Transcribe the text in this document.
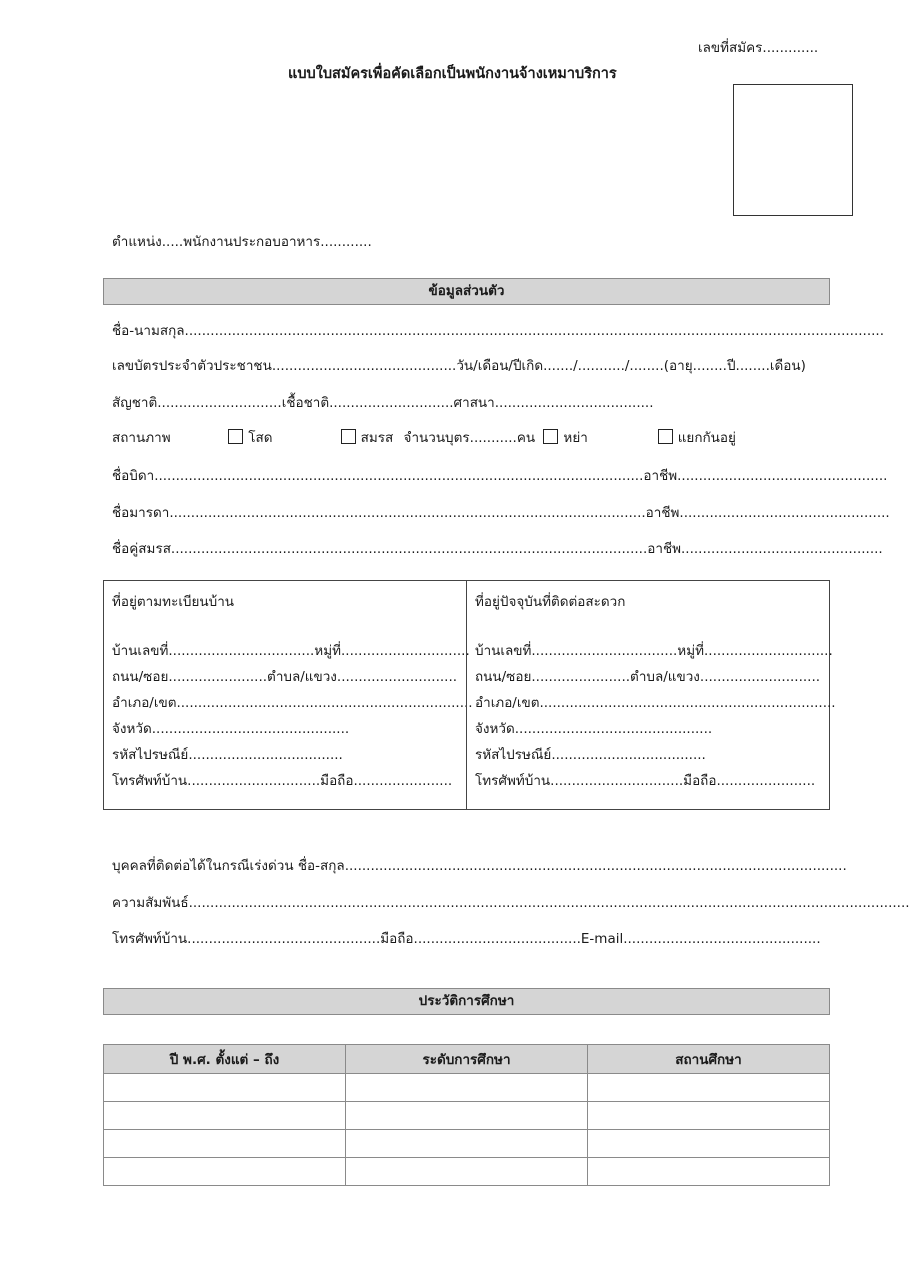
เลขที่สมัคร.............
แบบใบสมัครเพื่อคัดเลือกเป็นพนักงานจ้างเหมาบริการ
ตำแหน่ง.....พนักงานประกอบอาหาร............
ข้อมูลส่วนตัว
ชื่อ-นามสกุล...................................................................................................................................................................
เลขบัตรประจำตัวประชาชน...........................................วัน/เดือน/ปีเกิด......./.........../........(อายุ........ปี........เดือน)
สัญชาติ.............................เชื้อชาติ.............................ศาสนา.....................................
สถานภาพ	โสด	สมรส จำนวนบุตร...........คน หย่า	แยกกันอยู่
ชื่อบิดา..................................................................................................................อาชีพ.................................................
ชื่อมารดา...............................................................................................................อาชีพ.................................................
ชื่อคู่สมรส...............................................................................................................อาชีพ...............................................
ที่อยู่ตามทะเบียนบ้าน
บ้านเลขที่..................................หมู่ที่..............................
ถนน/ซอย.......................ตำบล/แขวง............................
อำเภอ/เขต.....................................................................
จังหวัด..............................................
รหัสไปรษณีย์....................................
โทรศัพท์บ้าน...............................มือถือ.......................
ที่อยู่ปัจจุบันที่ติดต่อสะดวก
บ้านเลขที่..................................หมู่ที่..............................
ถนน/ซอย.......................ตำบล/แขวง............................
อำเภอ/เขต.....................................................................
จังหวัด..............................................
รหัสไปรษณีย์....................................
โทรศัพท์บ้าน...............................มือถือ.......................
บุคคลที่ติดต่อได้ในกรณีเร่งด่วน ชื่อ-สกุล.....................................................................................................................
ความสัมพันธ์........................................................................................................................................................................
โทรศัพท์บ้าน.............................................มือถือ.......................................E-mail..............................................
ประวัติการศึกษา
ปี พ.ศ. ตั้งแต่ – ถึง	ระดับการศึกษา	สถานศึกษา
